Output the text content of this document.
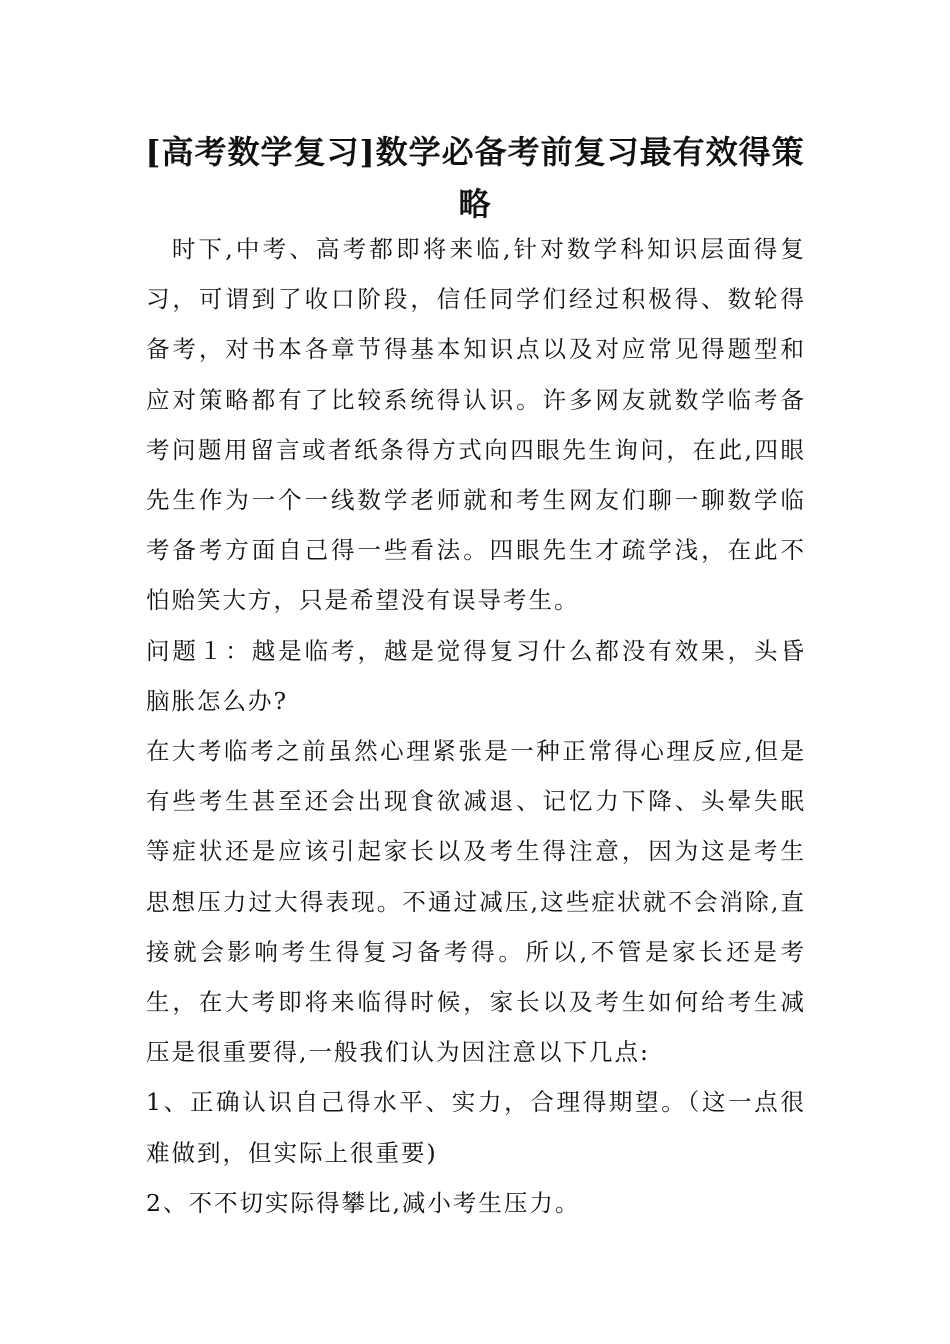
[高考数学复习]数学必备考前复习最有效得策略

时下,中考、高考都即将来临,针对数学科知识层面得复习，可谓到了收口阶段，信任同学们经过积极得、数轮得备考，对书本各章节得基本知识点以及对应常见得题型和应对策略都有了比较系统得认识。许多网友就数学临考备考问题用留言或者纸条得方式向四眼先生询问，在此,四眼先生作为一个一线数学老师就和考生网友们聊一聊数学临考备考方面自己得一些看法。四眼先生才疏学浅，在此不怕贻笑大方，只是希望没有误导考生。

问题１：越是临考，越是觉得复习什么都没有效果，头昏脑胀怎么办?

在大考临考之前虽然心理紧张是一种正常得心理反应,但是有些考生甚至还会出现食欲减退、记忆力下降、头晕失眠等症状还是应该引起家长以及考生得注意，因为这是考生思想压力过大得表现。不通过减压,这些症状就不会消除,直接就会影响考生得复习备考得。所以,不管是家长还是考生，在大考即将来临得时候，家长以及考生如何给考生减压是很重要得,一般我们认为因注意以下几点:

1、正确认识自己得水平、实力，合理得期望。（这一点很难做到，但实际上很重要)

2、不不切实际得攀比,减小考生压力。
